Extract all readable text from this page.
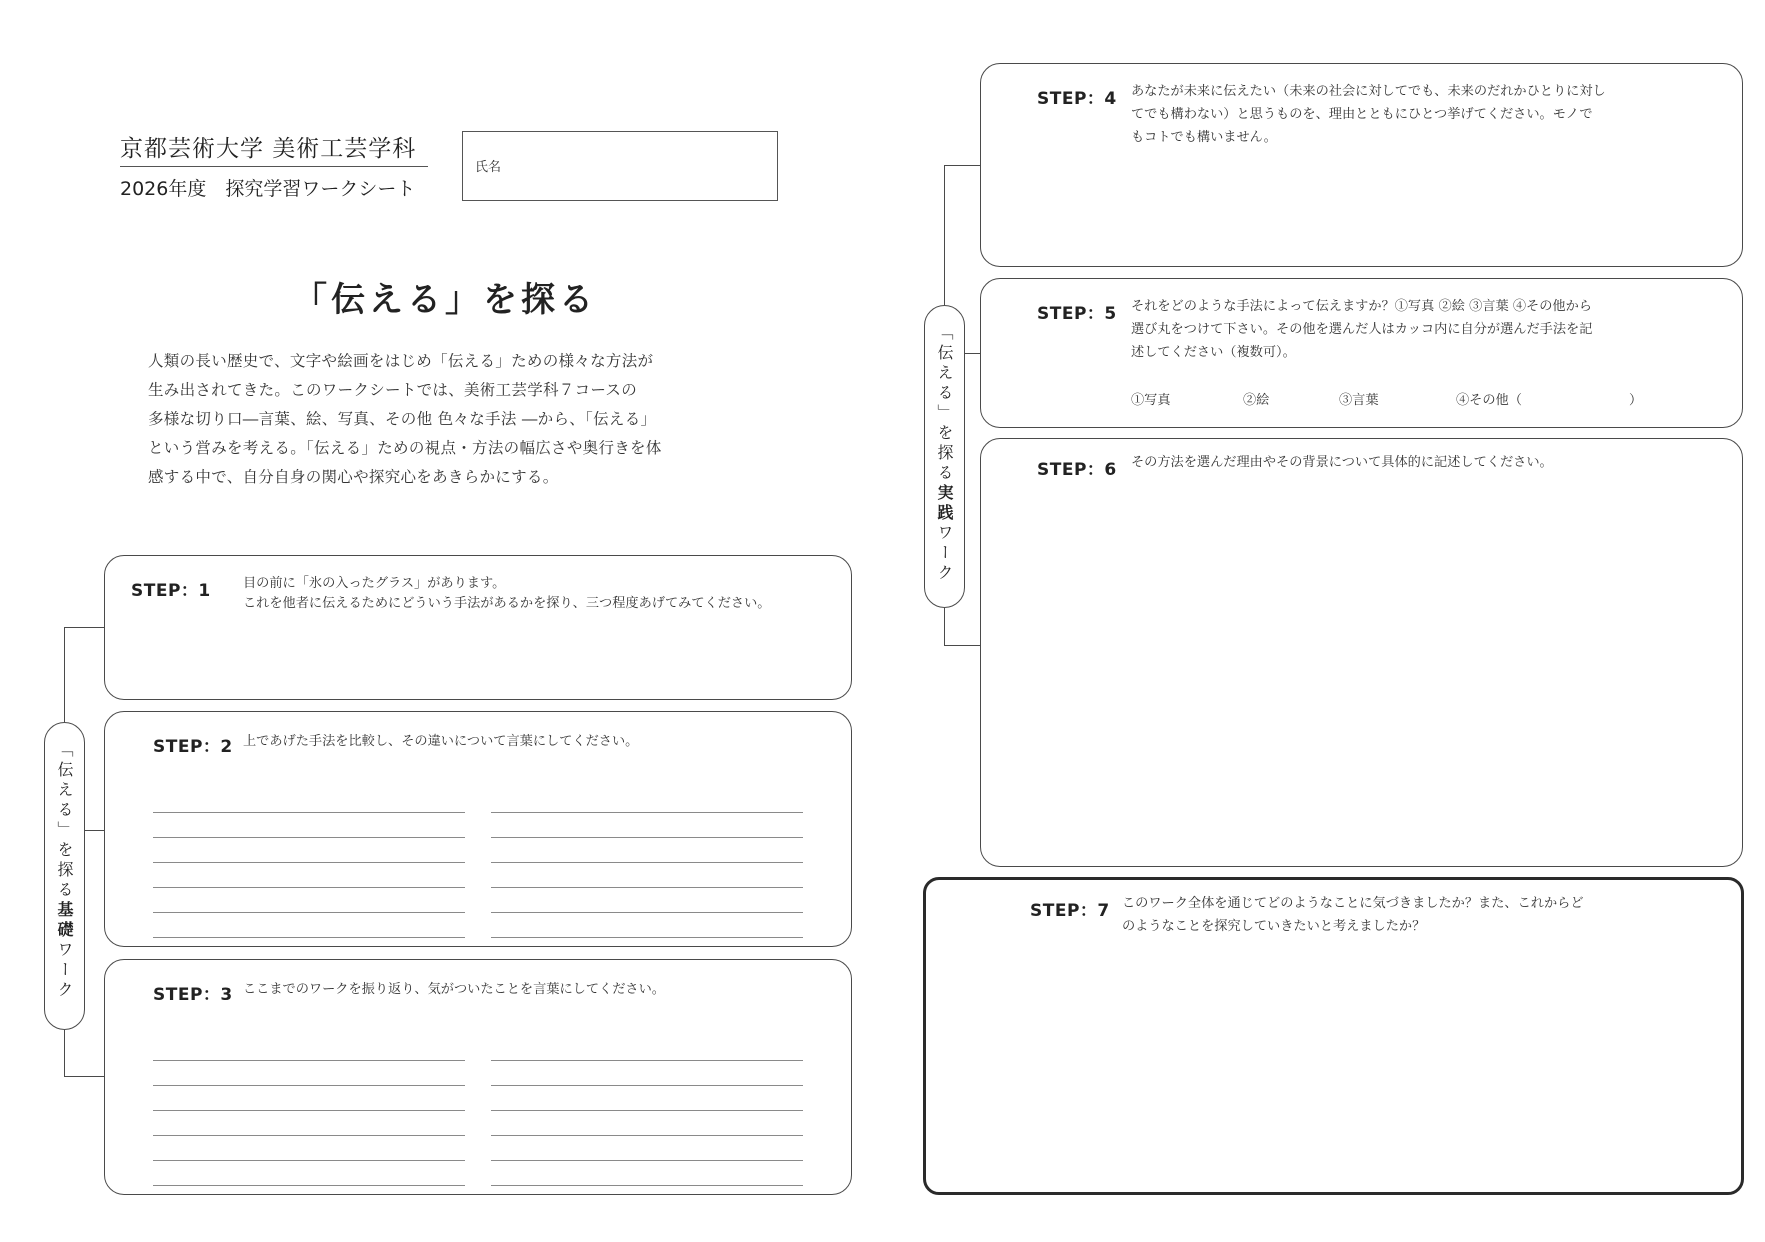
京都芸術大学 美術工芸学科
2026年度　探究学習ワークシート
氏名
「伝える」を探る
人類の長い歴史で、文字や絵画をはじめ「伝える」ための様々な方法が
生み出されてきた。このワークシートでは、美術工芸学科７コースの
多様な切り口―言葉、絵、写真、その他 色々な手法 ―から、「伝える」
という営みを考える。「伝える」ための視点・方法の幅広さや奥行きを体
感する中で、自分自身の関心や探究心をあきらかにする。
「伝える」を探る基礎ワーク
STEP：1 目の前に「氷の入ったグラス」があります。
これを他者に伝えるためにどういう手法があるかを探り、三つ程度あげてみてください。
STEP：2 上であげた手法を比較し、その違いについて言葉にしてください。
STEP：3 ここまでのワークを振り返り、気がついたことを言葉にしてください。
「伝える」を探る実践ワーク
STEP：4 あなたが未来に伝えたい（未来の社会に対してでも、未来のだれかひとりに対し
てでも構わない）と思うものを、理由とともにひとつ挙げてください。モノで
もコトでも構いません。
STEP：5 それをどのような手法によって伝えますか？①写真 ②絵 ③言葉 ④その他から
選び丸をつけて下さい。その他を選んだ人はカッコ内に自分が選んだ手法を記
述してください（複数可）。
①写真	②絵	③言葉	④その他（	）
STEP：6 その方法を選んだ理由やその背景について具体的に記述してください。
STEP：7 このワーク全体を通じてどのようなことに気づきましたか？また、これからど
のようなことを探究していきたいと考えましたか？
